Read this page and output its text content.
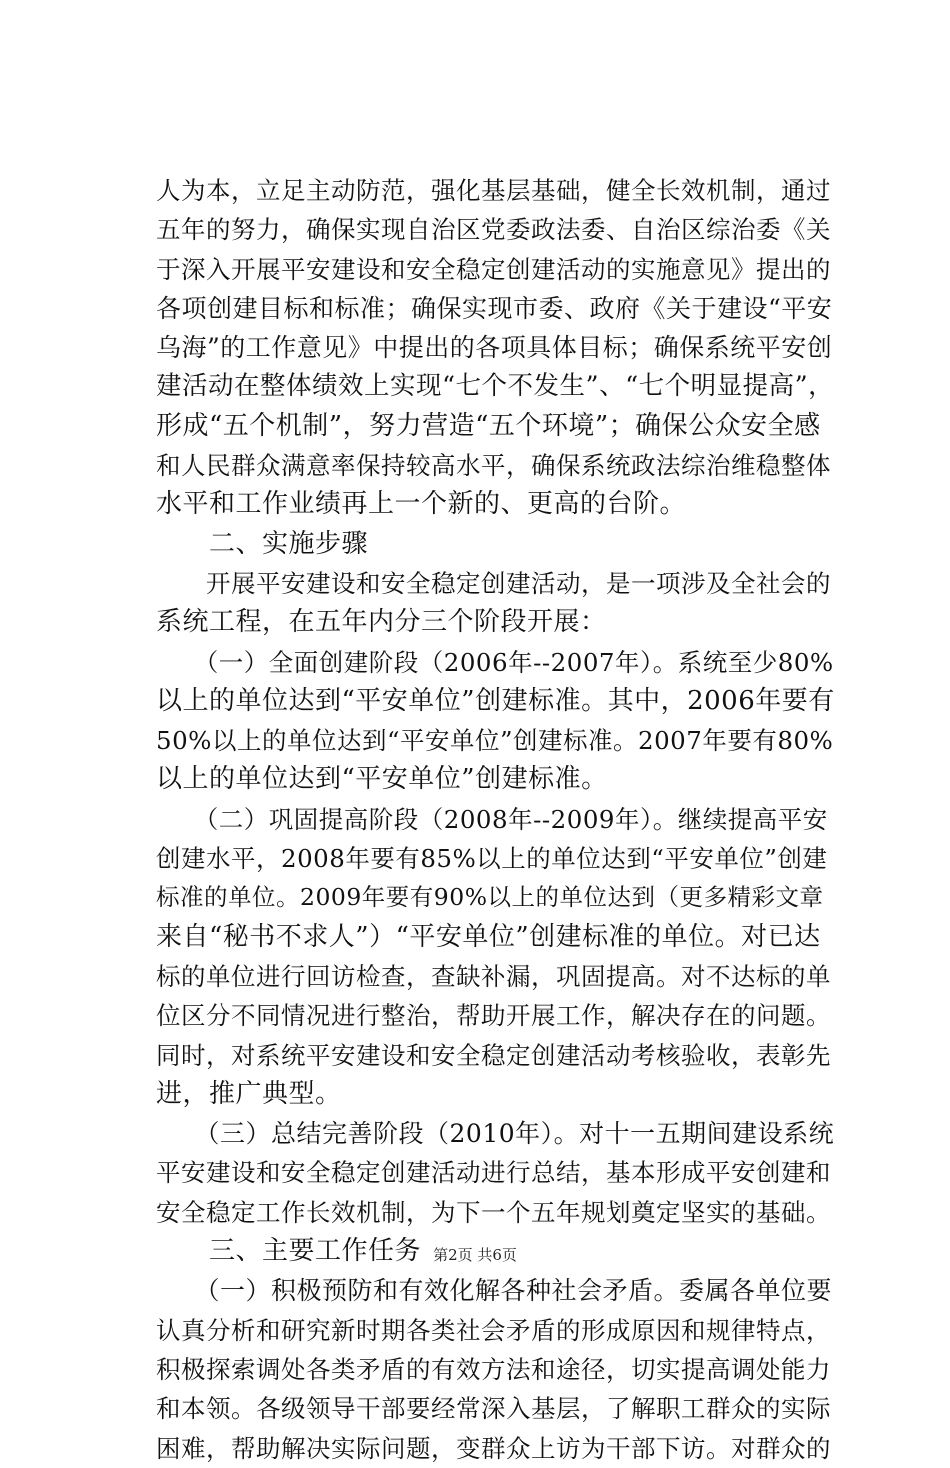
人为本，立足主动防范，强化基层基础，健全长效机制，通过
五年的努力，确保实现自治区党委政法委、自治区综治委《关
于深入开展平安建设和安全稳定创建活动的实施意见》提出的
各项创建目标和标准；确保实现市委、政府《关于建设“平安
乌海”的工作意见》中提出的各项具体目标；确保系统平安创
建活动在整体绩效上实现“七个不发生”、“七个明显提高”，
形成“五个机制”，努力营造“五个环境”；确保公众安全感
和人民群众满意率保持较高水平，确保系统政法综治维稳整体
水平和工作业绩再上一个新的、更高的台阶。
　　二、实施步骤
　　开展平安建设和安全稳定创建活动，是一项涉及全社会的
系统工程，在五年内分三个阶段开展：
　　（一）全面创建阶段（2006年--2007年）。系统至少80%
以上的单位达到“平安单位”创建标准。其中，2006年要有
50%以上的单位达到“平安单位”创建标准。2007年要有80%
以上的单位达到“平安单位”创建标准。
　　（二）巩固提高阶段（2008年--2009年）。继续提高平安
创建水平，2008年要有85%以上的单位达到“平安单位”创建
标准的单位。2009年要有90%以上的单位达到（更多精彩文章
来自“秘书不求人”）“平安单位”创建标准的单位。对已达
标的单位进行回访检查，查缺补漏，巩固提高。对不达标的单
位区分不同情况进行整治，帮助开展工作，解决存在的问题。
同时，对系统平安建设和安全稳定创建活动考核验收，表彰先
进，推广典型。
　　（三）总结完善阶段（2010年）。对十一五期间建设系统
平安建设和安全稳定创建活动进行总结，基本形成平安创建和
安全稳定工作长效机制，为下一个五年规划奠定坚实的基础。
　　三、主要工作任务
　　（一）积极预防和有效化解各种社会矛盾。委属各单位要
认真分析和研究新时期各类社会矛盾的形成原因和规律特点，
积极探索调处各类矛盾的有效方法和途径，切实提高调处能力
和本领。各级领导干部要经常深入基层，了解职工群众的实际
困难，帮助解决实际问题，变群众上访为干部下访。对群众的
第2页 共6页
